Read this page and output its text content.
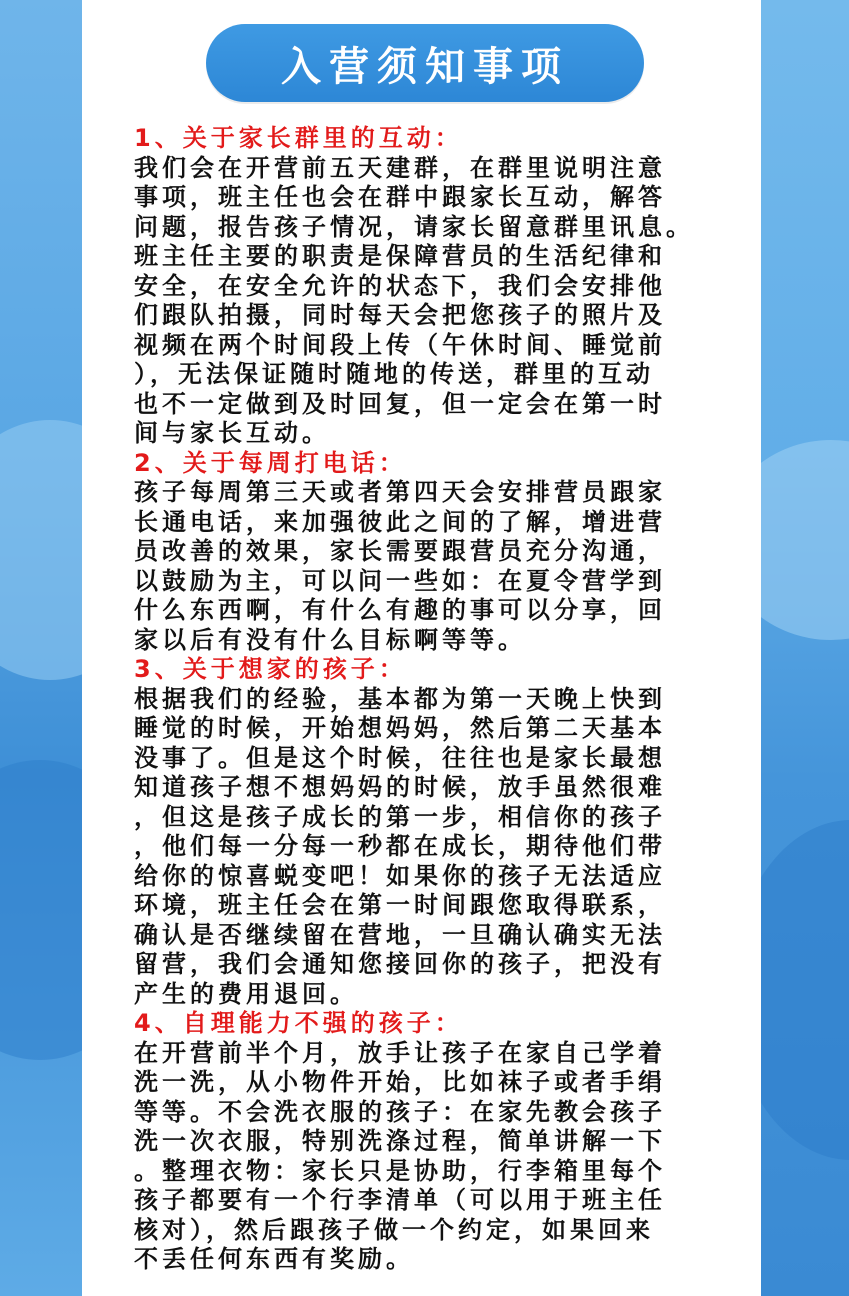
入营须知事项
1、关于家长群里的互动：
我们会在开营前五天建群，在群里说明注意
事项，班主任也会在群中跟家长互动，解答
问题，报告孩子情况，请家长留意群里讯息。
班主任主要的职责是保障营员的生活纪律和
安全，在安全允许的状态下，我们会安排他
们跟队拍摄，同时每天会把您孩子的照片及
视频在两个时间段上传（午休时间、睡觉前
），无法保证随时随地的传送，群里的互动
也不一定做到及时回复，但一定会在第一时
间与家长互动。
2、关于每周打电话：
孩子每周第三天或者第四天会安排营员跟家
长通电话，来加强彼此之间的了解，增进营
员改善的效果，家长需要跟营员充分沟通，
以鼓励为主，可以问一些如：在夏令营学到
什么东西啊，有什么有趣的事可以分享，回
家以后有没有什么目标啊等等。
3、关于想家的孩子：
根据我们的经验，基本都为第一天晚上快到
睡觉的时候，开始想妈妈，然后第二天基本
没事了。但是这个时候，往往也是家长最想
知道孩子想不想妈妈的时候，放手虽然很难
，但这是孩子成长的第一步，相信你的孩子
，他们每一分每一秒都在成长，期待他们带
给你的惊喜蜕变吧！如果你的孩子无法适应
环境，班主任会在第一时间跟您取得联系，
确认是否继续留在营地，一旦确认确实无法
留营，我们会通知您接回你的孩子，把没有
产生的费用退回。
4、自理能力不强的孩子：
在开营前半个月，放手让孩子在家自己学着
洗一洗，从小物件开始，比如袜子或者手绢
等等。不会洗衣服的孩子：在家先教会孩子
洗一次衣服，特别洗涤过程，简单讲解一下
。整理衣物：家长只是协助，行李箱里每个
孩子都要有一个行李清单（可以用于班主任
核对），然后跟孩子做一个约定，如果回来
不丢任何东西有奖励。
